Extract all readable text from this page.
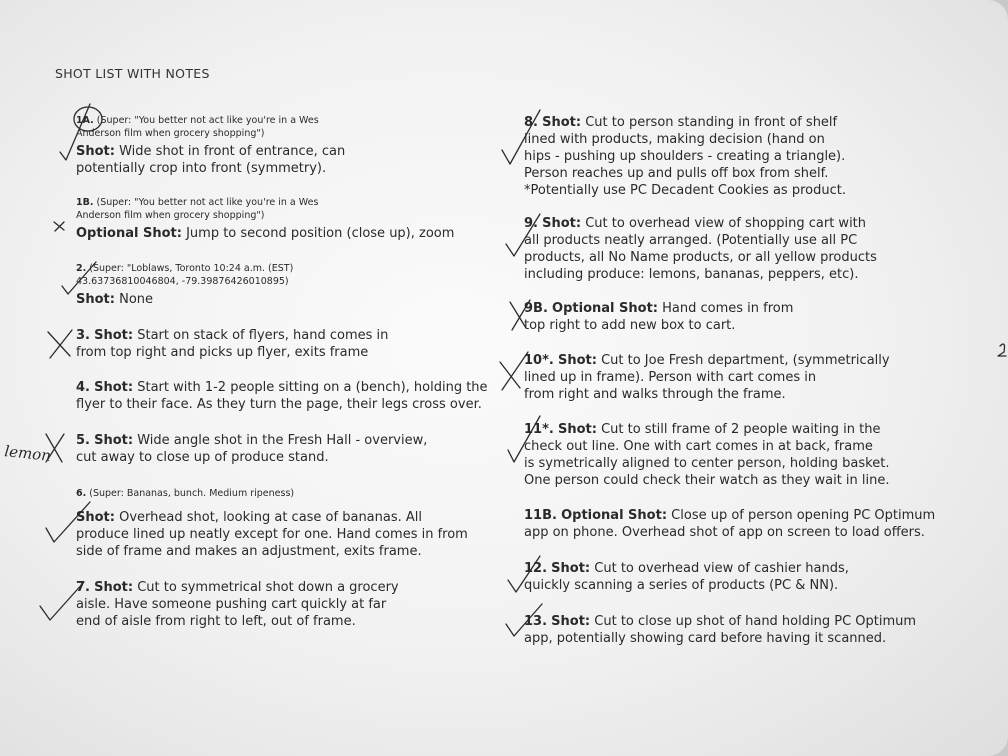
SHOT LIST WITH NOTES
1A. (Super: "You better not act like you're in a Wes
Anderson film when grocery shopping")
Shot: Wide shot in front of entrance, can
potentially crop into front (symmetry).
1B. (Super: "You better not act like you're in a Wes
Anderson film when grocery shopping")
Optional Shot: Jump to second position (close up), zoom
2. (Super: "Loblaws, Toronto 10:24 a.m. (EST)
43.63736810046804, -79.39876426010895)
Shot: None
3. Shot: Start on stack of flyers, hand comes in
from top right and picks up flyer, exits frame
4. Shot: Start with 1-2 people sitting on a (bench), holding the
flyer to their face. As they turn the page, their legs cross over.
5. Shot: Wide angle shot in the Fresh Hall - overview,
cut away to close up of produce stand.
6. (Super: Bananas, bunch. Medium ripeness)
Shot: Overhead shot, looking at case of bananas. All
produce lined up neatly except for one. Hand comes in from
side of frame and makes an adjustment, exits frame.
7. Shot: Cut to symmetrical shot down a grocery
aisle. Have someone pushing cart quickly at far
end of aisle from right to left, out of frame.
8. Shot: Cut to person standing in front of shelf
lined with products, making decision (hand on
hips - pushing up shoulders - creating a triangle).
Person reaches up and pulls off box from shelf.
*Potentially use PC Decadent Cookies as product.
9. Shot: Cut to overhead view of shopping cart with
all products neatly arranged. (Potentially use all PC
products, all No Name products, or all yellow products
including produce: lemons, bananas, peppers, etc).
9B. Optional Shot: Hand comes in from
top right to add new box to cart.
10*. Shot: Cut to Joe Fresh department, (symmetrically
lined up in frame). Person with cart comes in
from right and walks through the frame.
11*. Shot: Cut to still frame of 2 people waiting in the
check out line. One with cart comes in at back, frame
is symetrically aligned to center person, holding basket.
One person could check their watch as they wait in line.
11B. Optional Shot: Close up of person opening PC Optimum
app on phone. Overhead shot of app on screen to load offers.
12. Shot: Cut to overhead view of cashier hands,
quickly scanning a series of products (PC & NN).
13. Shot: Cut to close up shot of hand holding PC Optimum
app, potentially showing card before having it scanned.
lemon
